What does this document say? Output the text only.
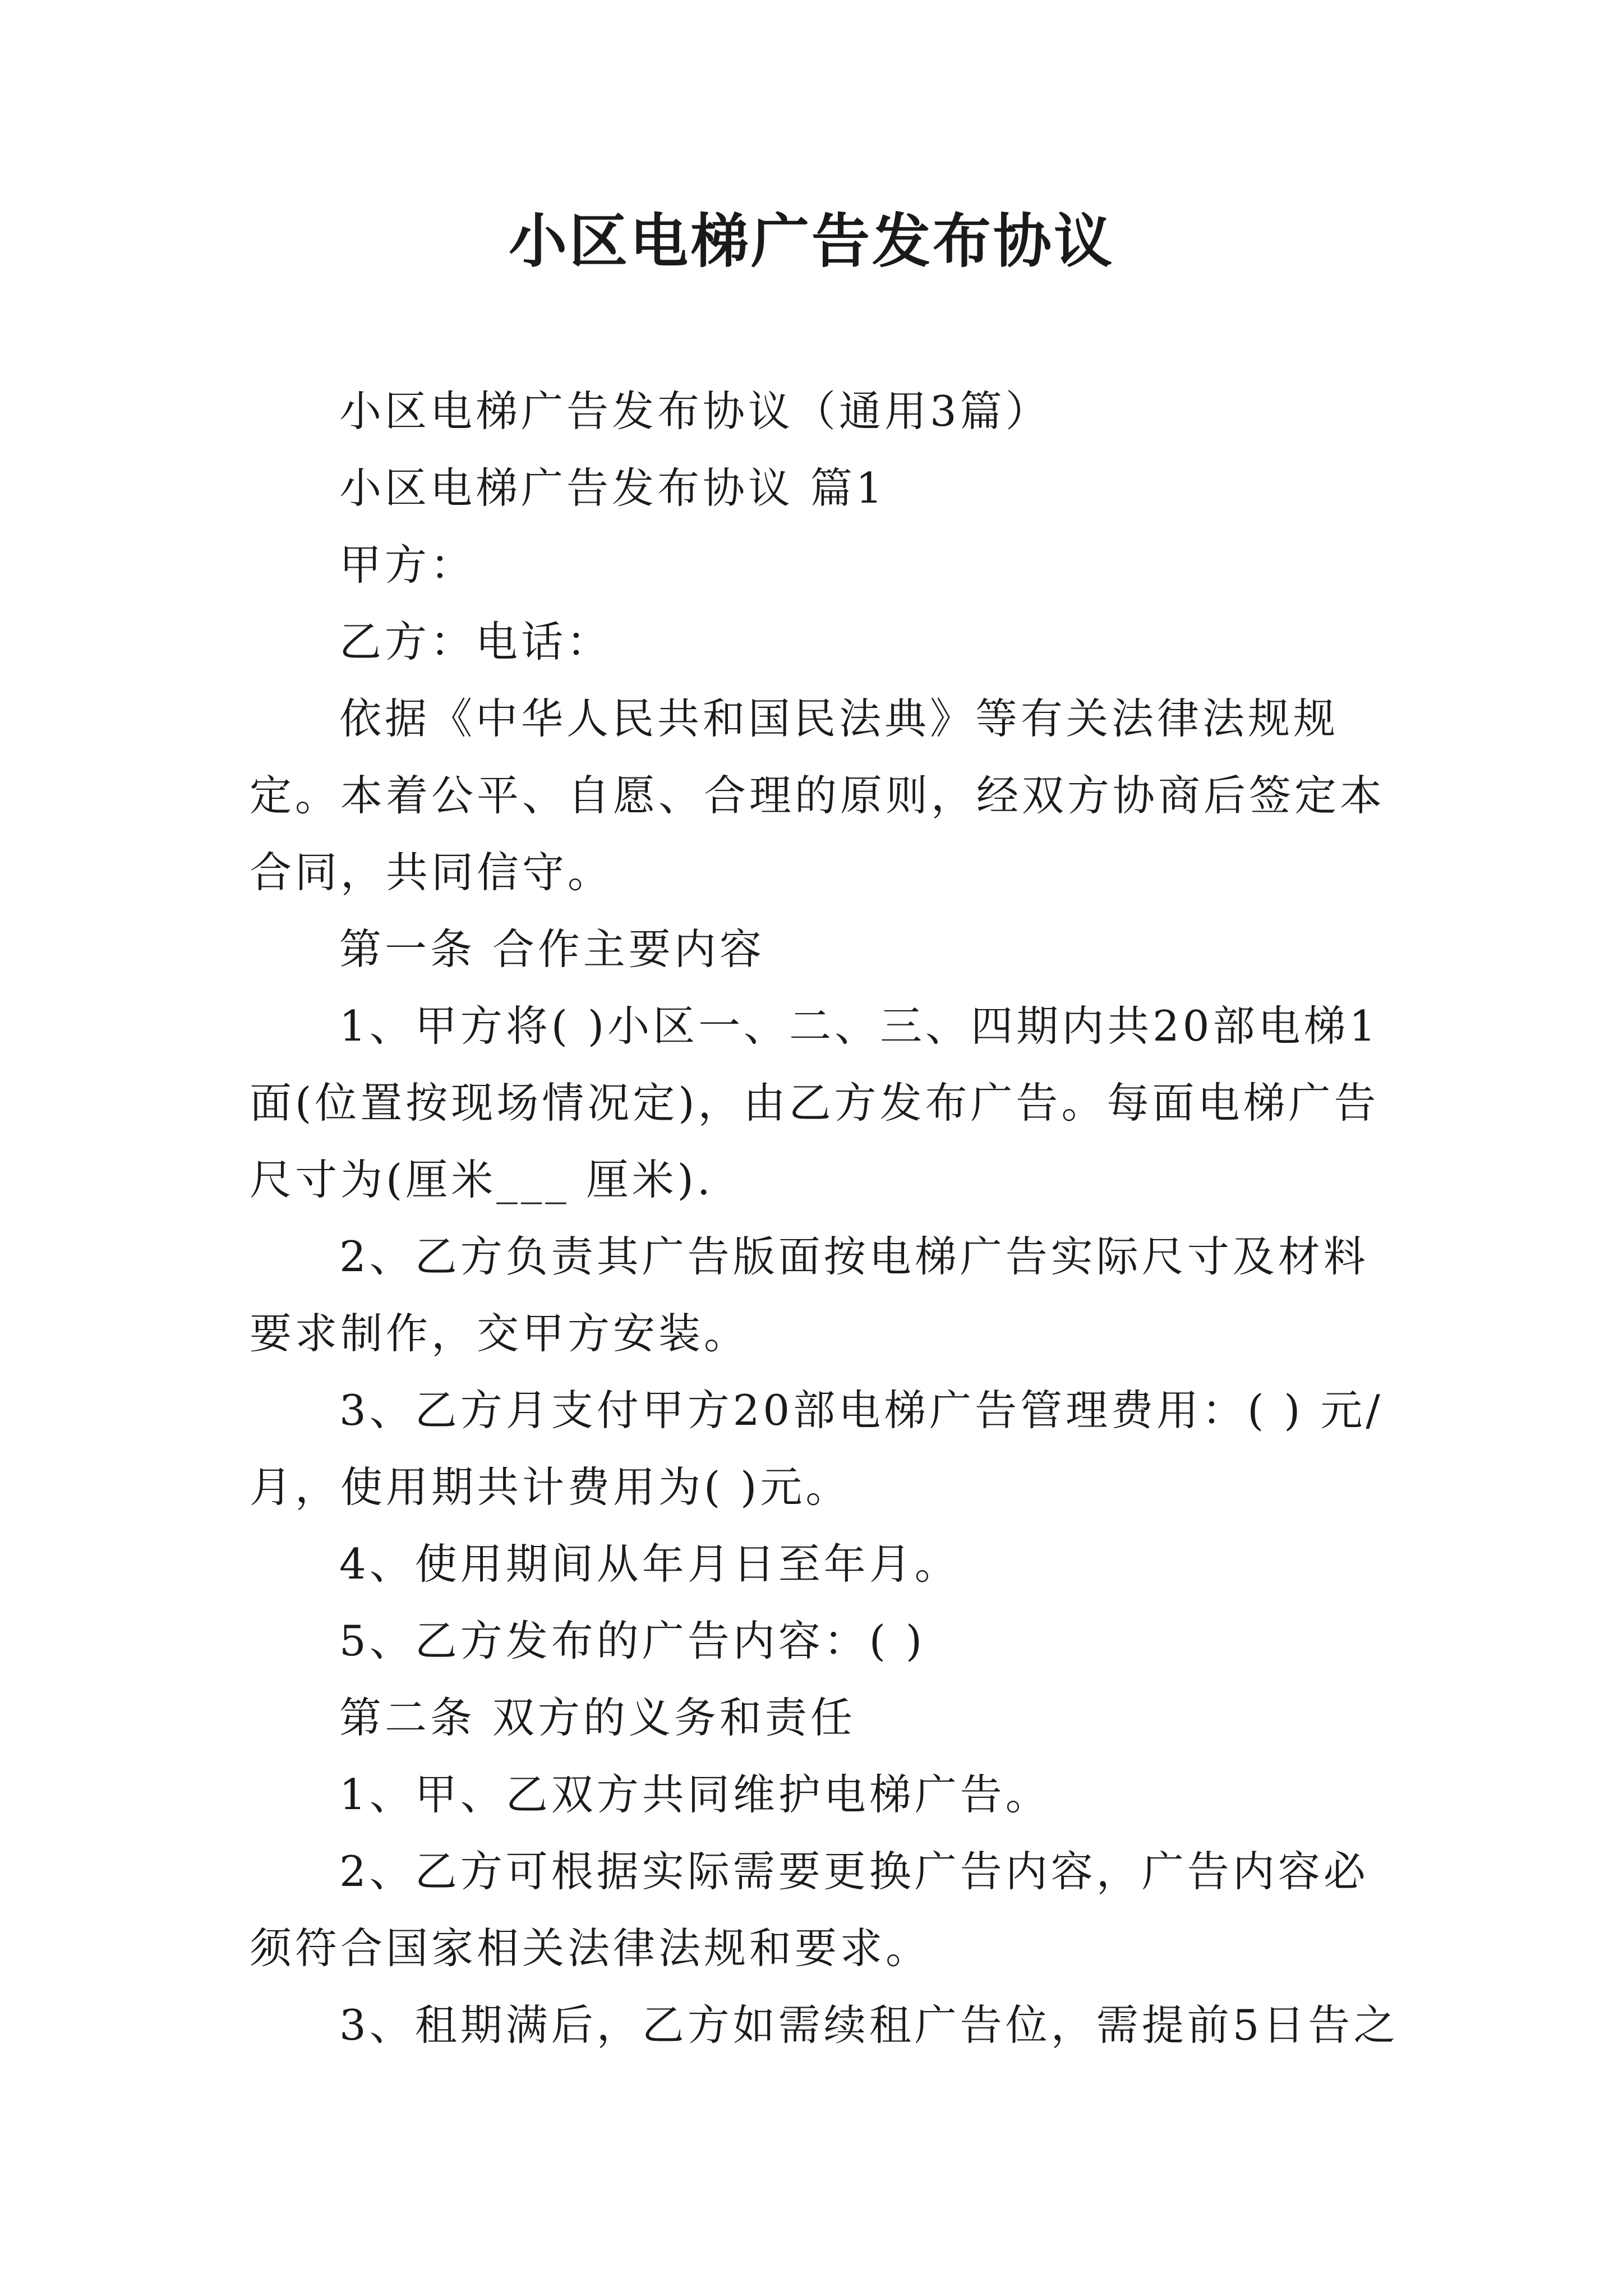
小区电梯广告发布协议

小区电梯广告发布协议（通用3篇）

小区电梯广告发布协议 篇1

甲方：

乙方：电话：

依据《中华人民共和国民法典》等有关法律法规规定。本着公平、自愿、合理的原则，经双方协商后签定本合同，共同信守。

第一条 合作主要内容

1、甲方将( )小区一、二、三、四期内共20部电梯1面(位置按现场情况定)，由乙方发布广告。每面电梯广告尺寸为(厘米___ 厘米).

2、乙方负责其广告版面按电梯广告实际尺寸及材料要求制作，交甲方安装。

3、乙方月支付甲方20部电梯广告管理费用：( ) 元/月，使用期共计费用为( )元。

4、使用期间从年月日至年月。

5、乙方发布的广告内容：( )

第二条 双方的义务和责任

1、甲、乙双方共同维护电梯广告。

2、乙方可根据实际需要更换广告内容，广告内容必须符合国家相关法律法规和要求。

3、租期满后，乙方如需续租广告位，需提前5日告之
